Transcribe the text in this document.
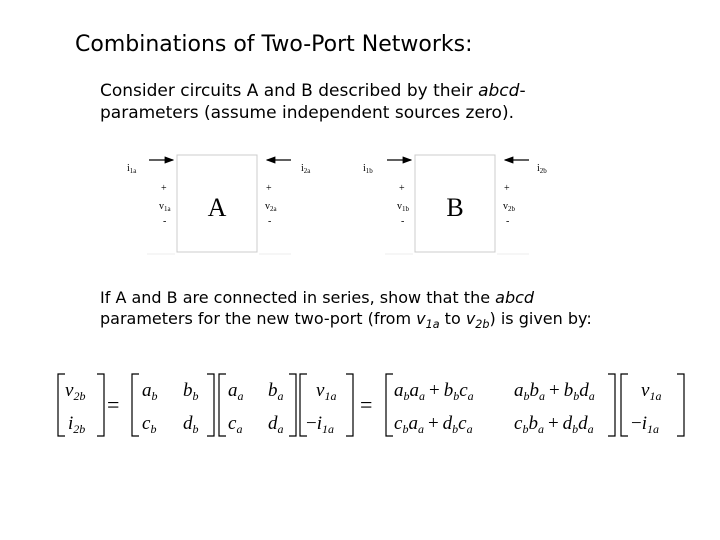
Combinations of Two-Port Networks:
Consider circuits A and B described by their abcd-
parameters (assume independent sources zero).
$i_{1a}$	$i_{2a}$
+	+
$v_{1a}$	$v_{2a}$
-	-
A
$i_{1b}$	$i_{2b}$
+	+
$v_{1b}$	$v_{2b}$
-	-
B
If A and B are connected in series, show that the abcd
parameters for the new two-port (from $v_{1a}$ to $v_{2b}$) is given by:
$v_{2b}$
$i_{2b}$
=
$a_b$ $b_b$
$c_b$ $d_b$
$a_a$ $b_a$
$c_a$ $d_a$
$v_{1a}$
$-i_{1a}$
=
$a_ba_a + b_bc_a$ $a_bb_a + b_bd_a$
$c_ba_a + d_bc_a$ $c_bb_a + d_bd_a$
$v_{1a}$
$-i_{1a}$
